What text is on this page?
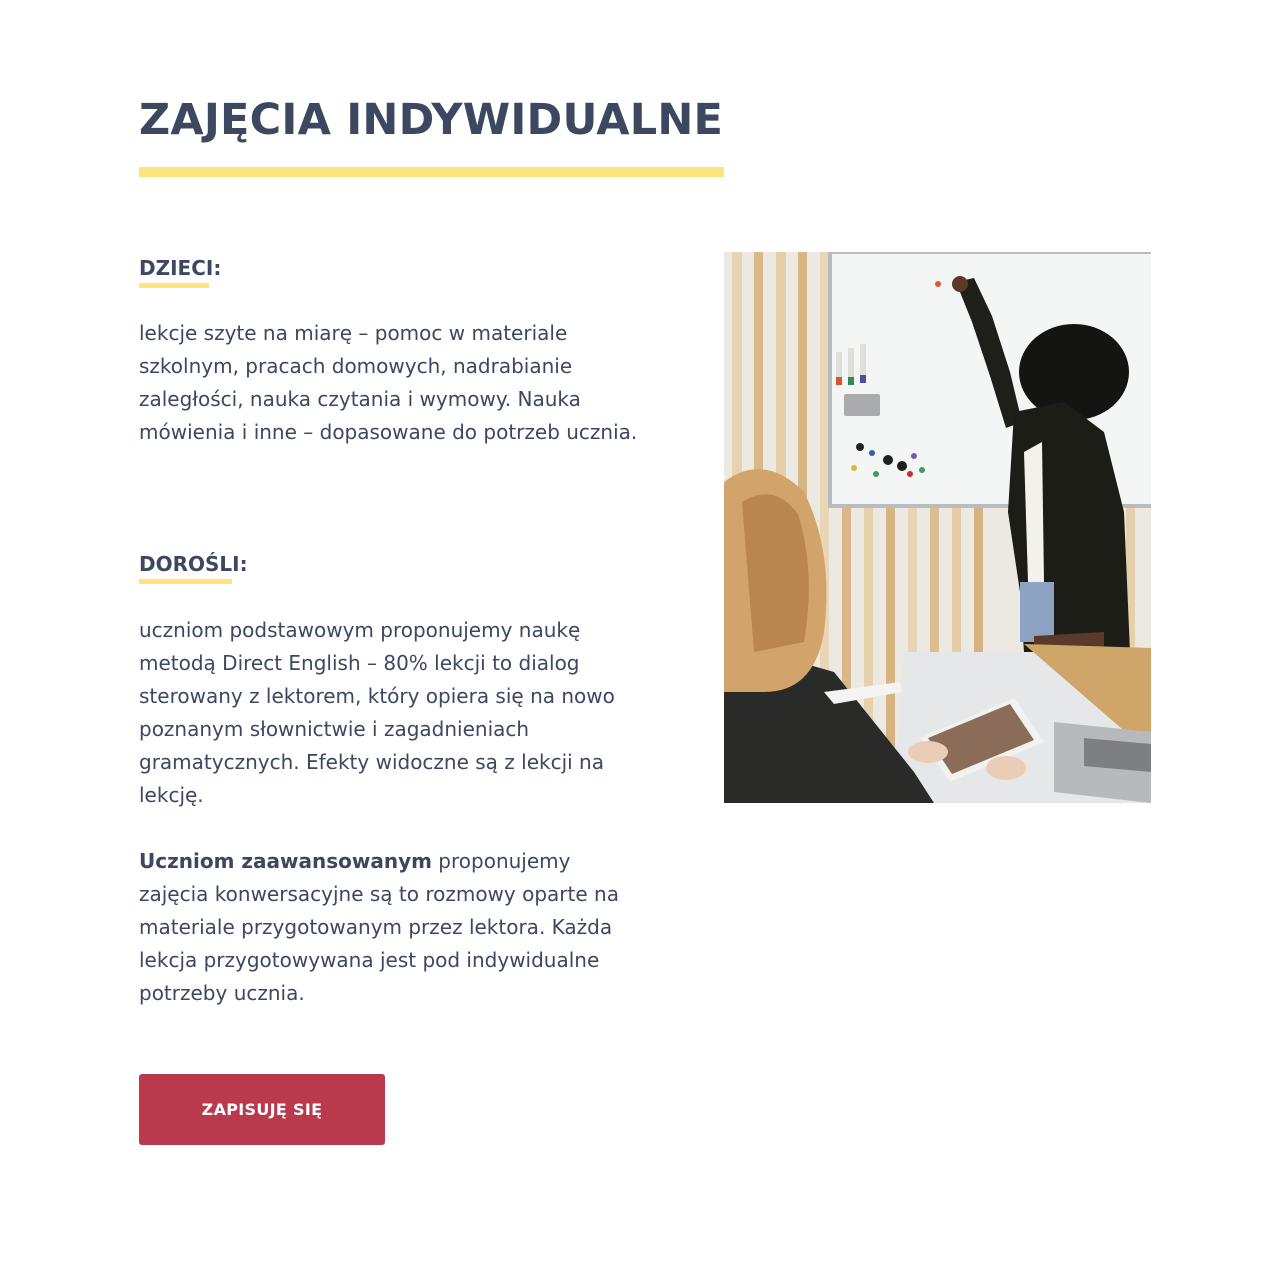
ZAJĘCIA INDYWIDUALNE
DZIECI:

lekcje szyte na miarę – pomoc w materiale szkolnym, pracach domowych, nadrabianie zaległości, nauka czytania i wymowy. Nauka mówienia i inne – dopasowane do potrzeb ucznia.

DOROŚLI:

uczniom podstawowym proponujemy naukę metodą Direct English – 80% lekcji to dialog sterowany z lektorem, który opiera się na nowo poznanym słownictwie i zagadnieniach gramatycznych. Efekty widoczne są z lekcji na lekcję.

Uczniom zaawansowanym proponujemy zajęcia konwersacyjne są to rozmowy oparte na materiale przygotowanym przez lektora. Każda lekcja przygotowywana jest pod indywidualne potrzeby ucznia.

ZAPISUJĘ SIĘ
